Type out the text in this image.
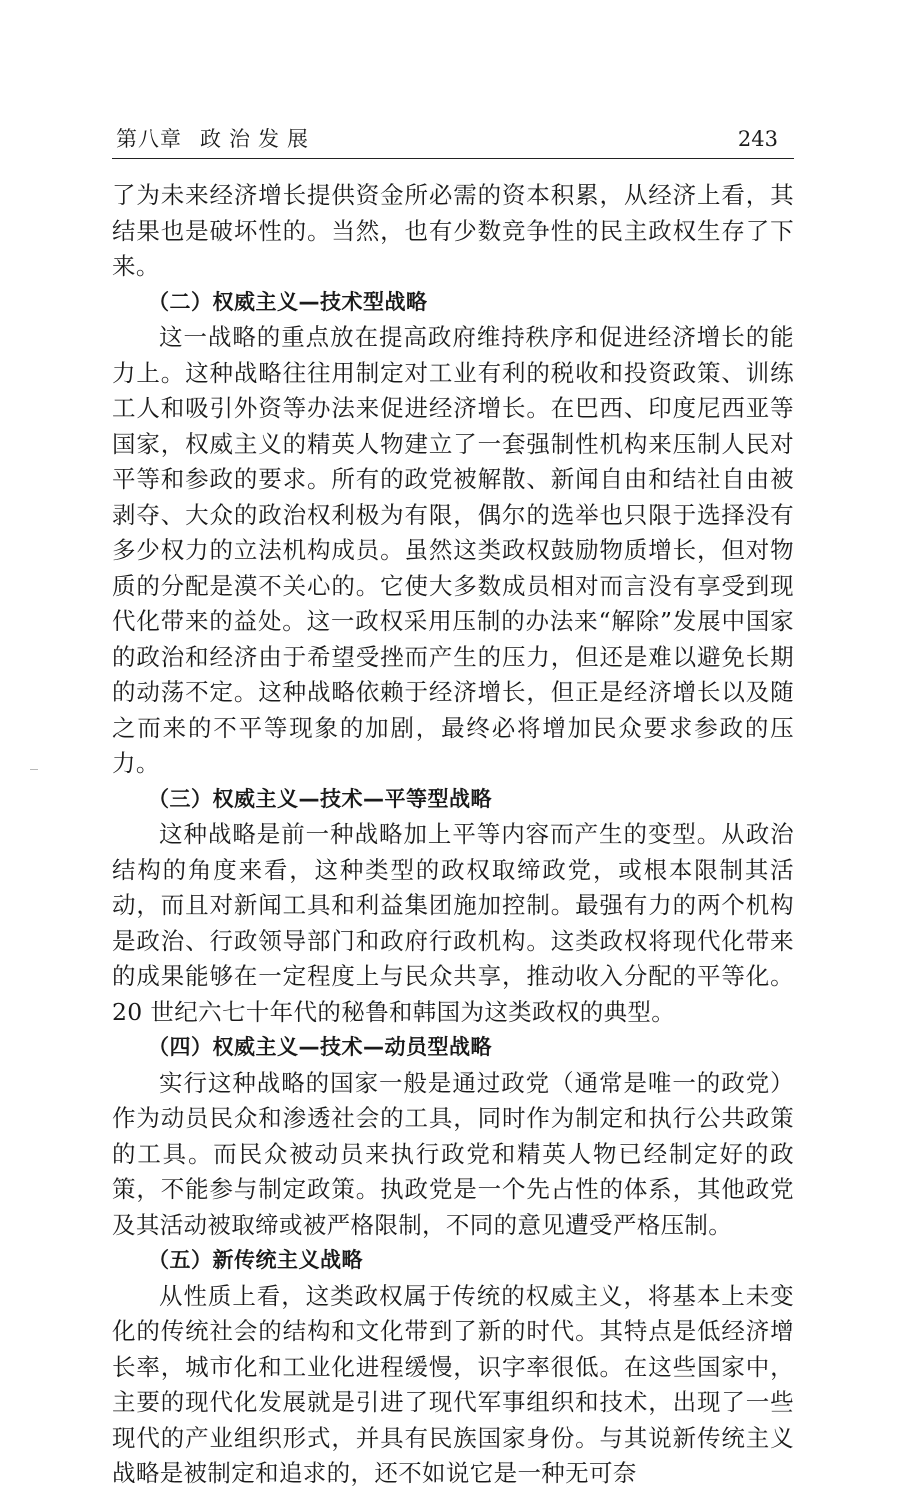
第八章 政治发展	243

了为未来经济增长提供资金所必需的资本积累，从经济上看，其结果也是破坏性的。当然，也有少数竞争性的民主政权生存了下来。

（二）权威主义—技术型战略

这一战略的重点放在提高政府维持秩序和促进经济增长的能力上。这种战略往往用制定对工业有利的税收和投资政策、训练工人和吸引外资等办法来促进经济增长。在巴西、印度尼西亚等国家，权威主义的精英人物建立了一套强制性机构来压制人民对平等和参政的要求。所有的政党被解散、新闻自由和结社自由被剥夺、大众的政治权利极为有限，偶尔的选举也只限于选择没有多少权力的立法机构成员。虽然这类政权鼓励物质增长，但对物质的分配是漠不关心的。它使大多数成员相对而言没有享受到现代化带来的益处。这一政权采用压制的办法来“解除”发展中国家的政治和经济由于希望受挫而产生的压力，但还是难以避免长期的动荡不定。这种战略依赖于经济增长，但正是经济增长以及随之而来的不平等现象的加剧，最终必将增加民众要求参政的压力。

（三）权威主义—技术—平等型战略

这种战略是前一种战略加上平等内容而产生的变型。从政治结构的角度来看，这种类型的政权取缔政党，或根本限制其活动，而且对新闻工具和利益集团施加控制。最强有力的两个机构是政治、行政领导部门和政府行政机构。这类政权将现代化带来的成果能够在一定程度上与民众共享，推动收入分配的平等化。20 世纪六七十年代的秘鲁和韩国为这类政权的典型。

（四）权威主义—技术—动员型战略

实行这种战略的国家一般是通过政党（通常是唯一的政党）作为动员民众和渗透社会的工具，同时作为制定和执行公共政策的工具。而民众被动员来执行政党和精英人物已经制定好的政策，不能参与制定政策。执政党是一个先占性的体系，其他政党及其活动被取缔或被严格限制，不同的意见遭受严格压制。

（五）新传统主义战略

从性质上看，这类政权属于传统的权威主义，将基本上未变化的传统社会的结构和文化带到了新的时代。其特点是低经济增长率，城市化和工业化进程缓慢，识字率很低。在这些国家中，主要的现代化发展就是引进了现代军事组织和技术，出现了一些现代的产业组织形式，并具有民族国家身份。与其说新传统主义战略是被制定和追求的，还不如说它是一种无可奈
